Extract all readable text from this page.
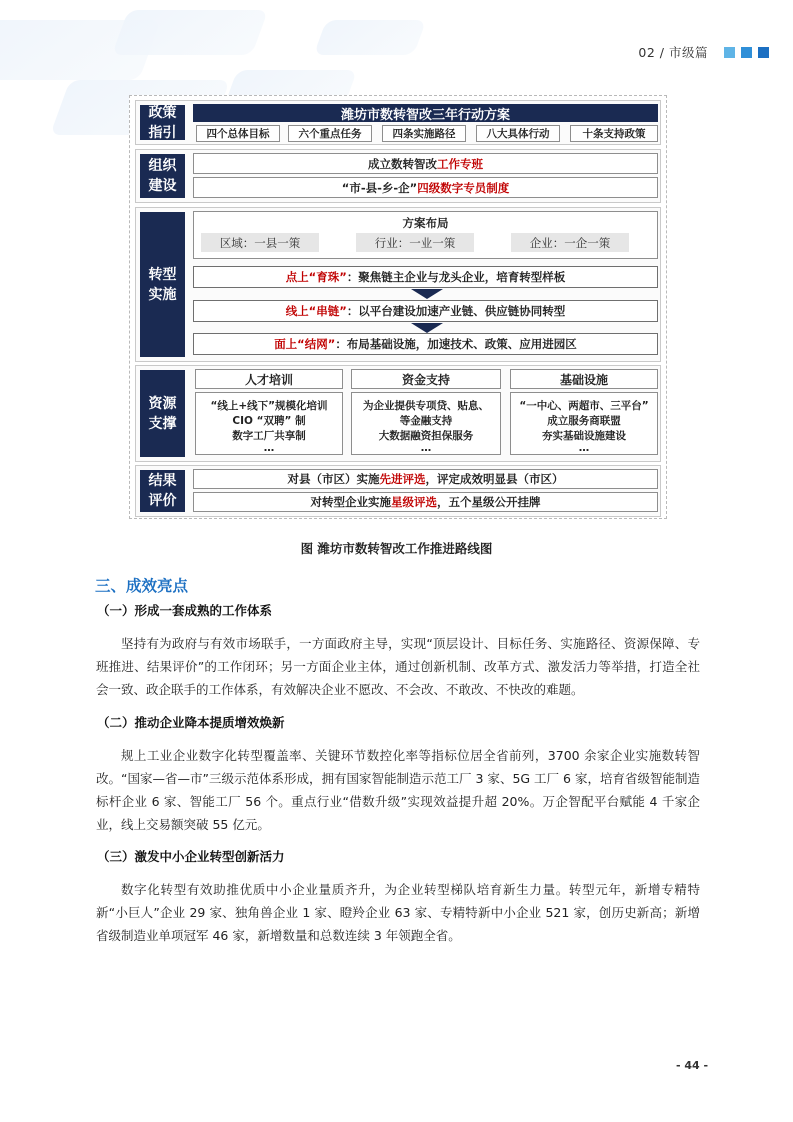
02 / 市级篇
政策
指引
潍坊市数转智改三年行动方案
四个总体目标	六个重点任务	四条实施路径	八大具体行动	十条支持政策
组织
建设
成立数转智改 工作专班
“市-县-乡-企” 四级数字专员制度
转型
实施
方案布局
区域：一县一策	行业：一业一策	企业：一企一策
点上“育珠” ：聚焦链主企业与龙头企业，培育转型样板
线上“串链” ：以平台建设加速产业链、供应链协同转型
面上“结网” ：布局基础设施，加速技术、政策、应用进园区
资源
支撑
人才培训
“线上+线下”规模化培训
CIO “双聘” 制
数字工厂共享制
…
资金支持
为企业提供专项贷、贴息、
等金融支持
大数据融资担保服务
…
基础设施
“一中心、两超市、三平台”
成立服务商联盟
夯实基础设施建设
…
结果
评价
对县（市区）实施 先进评选 ，评定成效明显县（市区）
对转型企业实施 星级评选 ，五个星级公开挂牌
图 潍坊市数转智改工作推进路线图
三、成效亮点
（一）形成一套成熟的工作体系
坚持有为政府与有效市场联手，一方面政府主导，实现“顶层设计、目标任务、实施路径、资源保障、专班推进、结果评价”的工作闭环；另一方面企业主体，通过创新机制、改革方式、激发活力等举措，打造全社会一致、政企联手的工作体系，有效解决企业不愿改、不会改、不敢改、不快改的难题。
（二）推动企业降本提质增效焕新
规上工业企业数字化转型覆盖率、关键环节数控化率等指标位居全省前列，3700 余家企业实施数转智改。“国家—省—市”三级示范体系形成，拥有国家智能制造示范工厂 3 家、5G 工厂 6 家，培育省级智能制造标杆企业 6 家、智能工厂 56 个。重点行业“借数升级”实现效益提升超 20%。万企智配平台赋能 4 千家企业，线上交易额突破 55 亿元。
（三）激发中小企业转型创新活力
数字化转型有效助推优质中小企业量质齐升，为企业转型梯队培育新生力量。转型元年，新增专精特新“小巨人”企业 29 家、独角兽企业 1 家、瞪羚企业 63 家、专精特新中小企业 521 家，创历史新高；新增省级制造业单项冠军 46 家，新增数量和总数连续 3 年领跑全省。
- 44 -
